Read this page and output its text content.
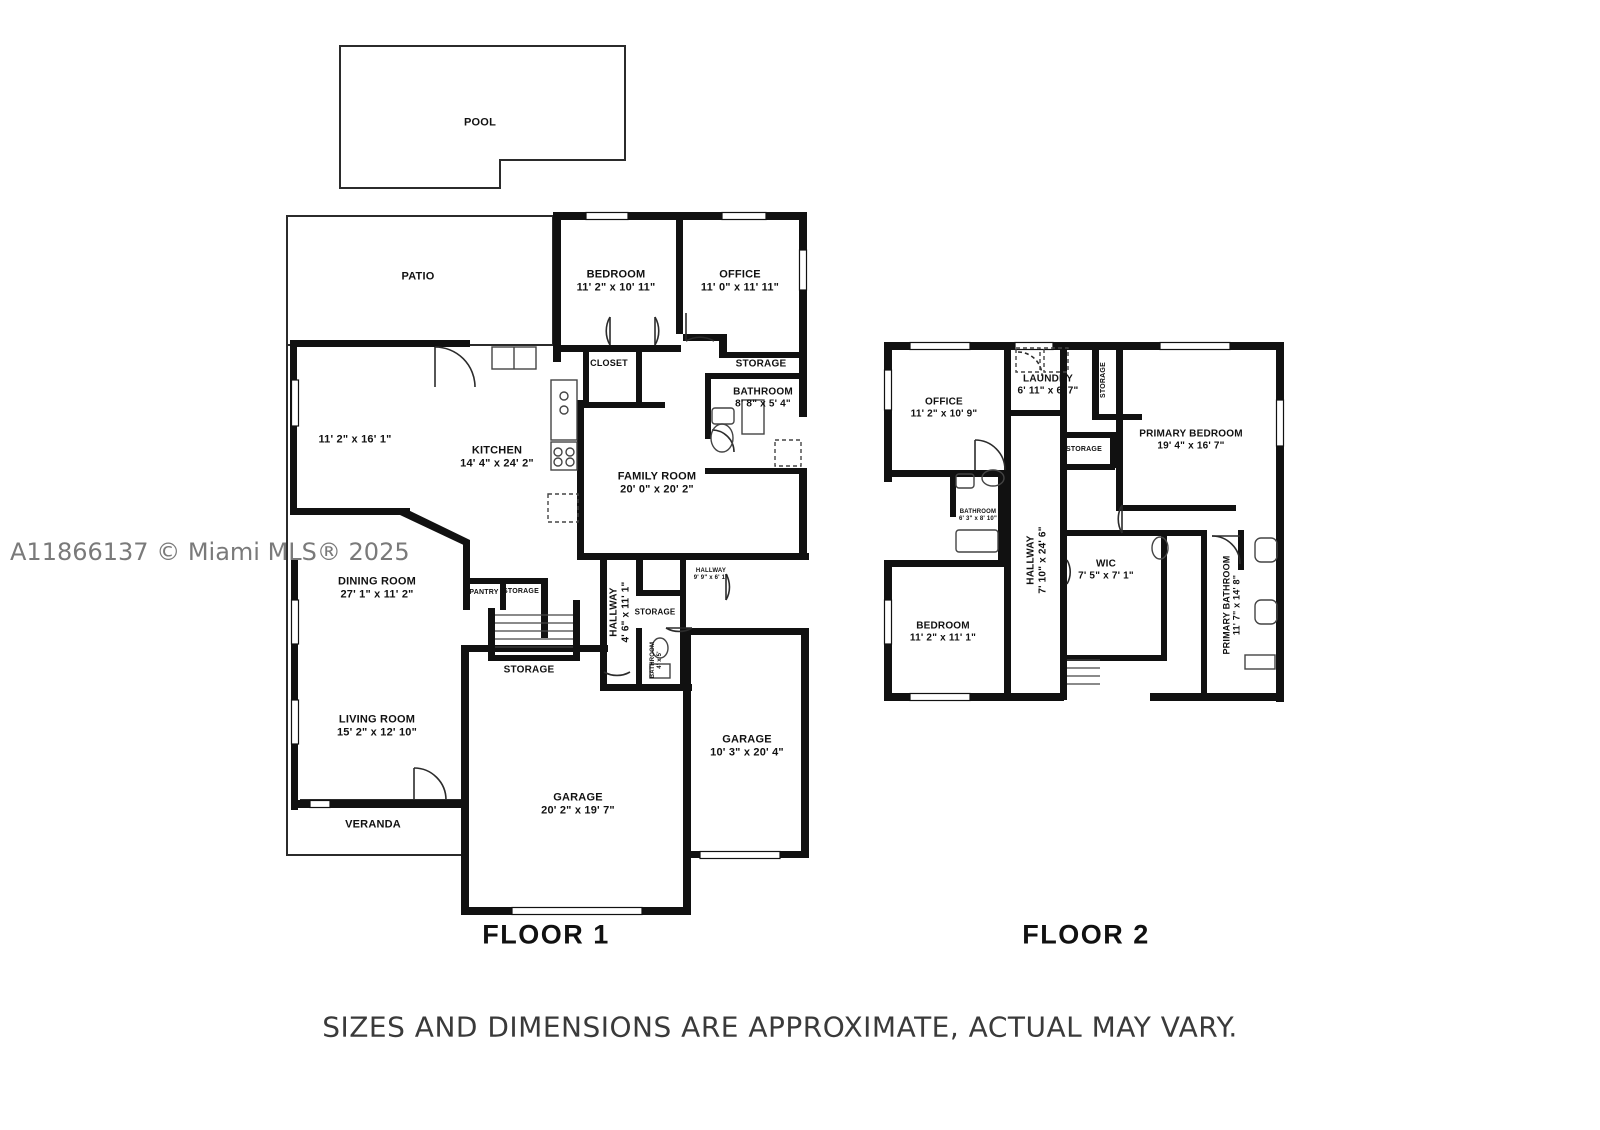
POOL
PATIO	BEDROOM
11' 2" x 10' 11"
OFFICE
11' 0" x 11' 11"
CLOSET	STORAGE
BATHROOM
8' 8" x 5' 4"
11' 2" x 16' 1"
KITCHEN
14' 4" x 24' 2"
FAMILY ROOM
20' 0" x 20' 2"
DINING ROOM
27' 1" x 11' 2"	PANTRY STORAGE
HALLWAY
9' 9" x 6' 1"
STORAGE
STORAGE
LIVING ROOM
15' 2" x 12' 10"
GARAGE
10' 3" x 20' 4"
GARAGE
20' 2" x 19' 7"
VERANDA
HALLWAY 4' 6" x 11' 1"
BATHROOM 4' x 5'
FLOOR 1
LAUNDRY
6' 11" x 6' 7"
OFFICE
11' 2" x 10' 9"
PRIMARY BEDROOM
19' 4" x 16' 7"
STORAGE
BATHROOM
6' 3" x 8' 10"
WIC
7' 5" x 7' 1"
BEDROOM
11' 2" x 11' 1"
STORAGE
HALLWAY 7' 10" x 24' 6"	PRIMARY BATHROOM 11' 7" x 14' 8"
FLOOR 2
A11866137 © Miami MLS® 2025
SIZES AND DIMENSIONS ARE APPROXIMATE, ACTUAL MAY VARY.
